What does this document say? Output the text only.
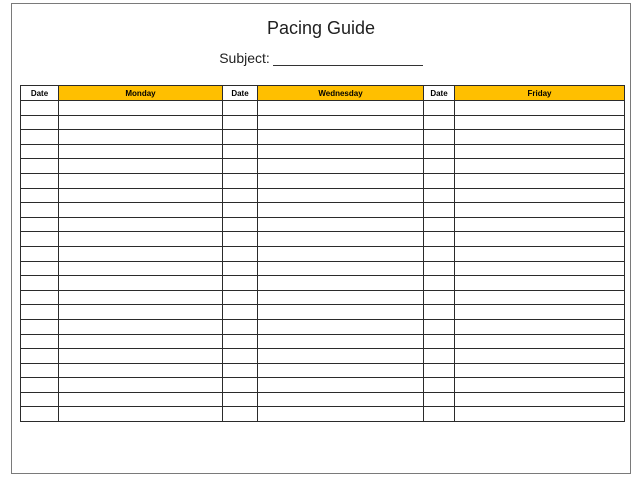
Pacing Guide
Subject:
Date	Monday	Date	Wednesday	Date	Friday
